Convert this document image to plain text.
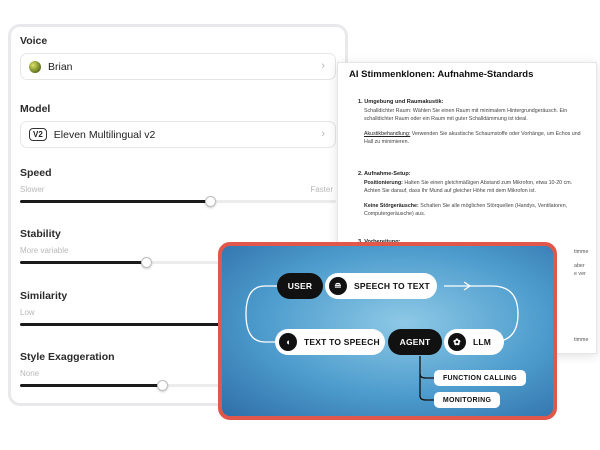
Voice
Brian	›
Model
V2	Eleven Multilingual v2	›
Speed
Slower	Faster
Stability
More variable
Similarity
Low
Style Exaggeration
None
AI Stimmenklonen: Aufnahme-Standards
1. Umgebung und Raumakustik:
Schalldichter Raum: Wählen Sie einen Raum mit minimalem Hintergrundgeräusch. Ein schalldichter Raum oder ein Raum mit guter Schalldämmung ist ideal.
Akustikbehandlung: Verwenden Sie akustische Schaumstoffe oder Vorhänge, um Echos und Hall zu minimieren.
2. Aufnahme-Setup:
Positionierung: Halten Sie einen gleichmäßigen Abstand zum Mikrofon, etwa 10-20 cm. Achten Sie darauf, dass Ihr Mund auf gleicher Höhe mit dem Mikrofon ist.
Keine Störgeräusche: Schalten Sie alle möglichen Störquellen (Handys, Ventilatoren, Computergeräusche) aus.
timme
aber
e ver
timme
USER	≘	SPEECH TO TEXT
◖	TEXT TO SPEECH	AGENT	✿	LLM
FUNCTION CALLING
MONITORING
